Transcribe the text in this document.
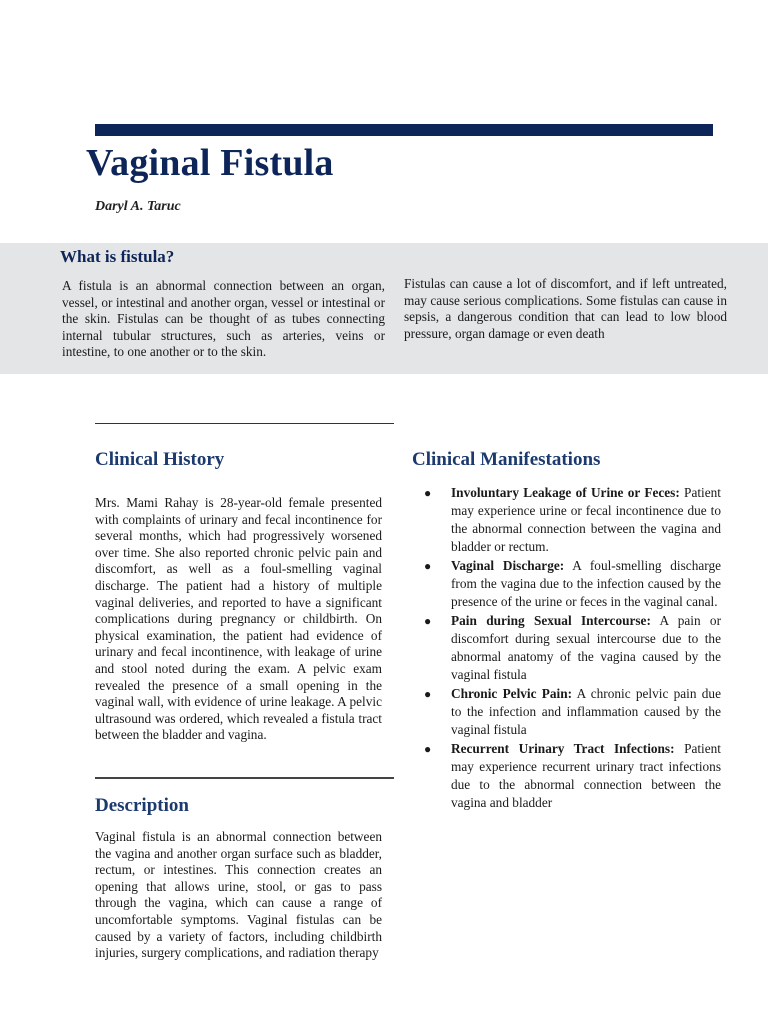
Vaginal Fistula
Daryl A. Taruc
What is fistula?

A fistula is an abnormal connection between an organ, vessel, or intestinal and another organ, vessel or intestinal or the skin. Fistulas can be thought of as tubes connecting internal tubular structures, such as arteries, veins or intestine, to one another or to the skin.

Fistulas can cause a lot of discomfort, and if left untreated, may cause serious complications. Some fistulas can cause in sepsis, a dangerous condition that can lead to low blood pressure, organ damage or even death

Clinical History

Mrs. Mami Rahay is 28-year-old female presented with complaints of urinary and fecal incontinence for several months, which had progressively worsened over time. She also reported chronic pelvic pain and discomfort, as well as a foul-smelling vaginal discharge. The patient had a history of multiple vaginal deliveries, and reported to have a significant complications during pregnancy or childbirth. On physical examination, the patient had evidence of urinary and fecal incontinence, with leakage of urine and stool noted during the exam. A pelvic exam revealed the presence of a small opening in the vaginal wall, with evidence of urine leakage. A pelvic ultrasound was ordered, which revealed a fistula tract between the bladder and vagina.

Description

Vaginal fistula is an abnormal connection between the vagina and another organ surface such as bladder, rectum, or intestines. This connection creates an opening that allows urine, stool, or gas to pass through the vagina, which can cause a range of uncomfortable symptoms. Vaginal fistulas can be caused by a variety of factors, including childbirth injuries, surgery complications, and radiation therapy

Clinical Manifestations
● Involuntary Leakage of Urine or Feces: Patient may experience urine or fecal incontinence due to the abnormal connection between the vagina and bladder or rectum.
● Vaginal Discharge: A foul-smelling discharge from the vagina due to the infection caused by the presence of the urine or feces in the vaginal canal.
● Pain during Sexual Intercourse: A pain or discomfort during sexual intercourse due to the abnormal anatomy of the vagina caused by the vaginal fistula
● Chronic Pelvic Pain: A chronic pelvic pain due to the infection and inflammation caused by the vaginal fistula
● Recurrent Urinary Tract Infections: Patient may experience recurrent urinary tract infections due to the abnormal connection between the vagina and bladder
